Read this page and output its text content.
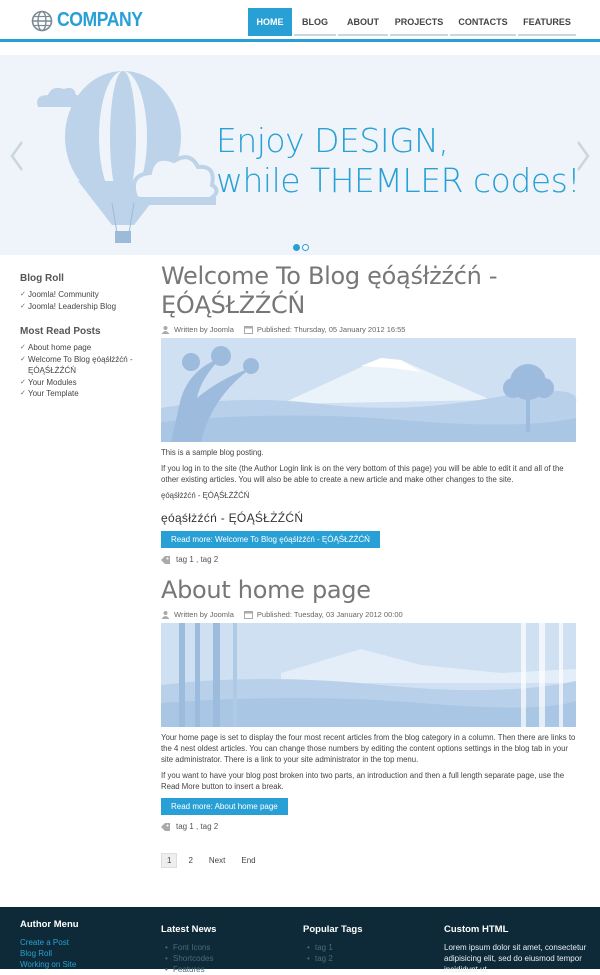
COMPANY	HOME	BLOG	ABOUT	PROJECTS	CONTACTS	FEATURES
Enjoy DESIGN,
while THEMLER codes!
Blog Roll
✓ Joomla! Community
✓ Joomla! Leadership Blog
Most Read Posts
✓ About home page
✓ Welcome To Blog ęóąśłżźćń - ĘÓĄŚŁŻŹĆŃ
✓ Your Modules
✓ Your Template
Welcome To Blog ęóąśłżźćń - ĘÓĄŚŁŻŹĆŃ
Written by Joomla	Published: Thursday, 05 January 2012 16:55

This is a sample blog posting.

If you log in to the site (the Author Login link is on the very bottom of this page) you will be able to edit it and all of the other existing articles. You will also be able to create a new article and make other changes to the site.

ęóąśłżźćń - ĘÓĄŚŁŻŹĆŃ

ęóąśłżźćń - ĘÓĄŚŁŻŹĆŃ
Read more: Welcome To Blog ęóąśłżźćń - ĘÓĄŚŁŻŹĆŃ
tag 1 , tag 2
About home page
Written by Joomla	Published: Tuesday, 03 January 2012 00:00

Your home page is set to display the four most recent articles from the blog category in a column. Then there are links to the 4 nest oldest articles. You can change those numbers by editing the content options settings in the blog tab in your site administrator. There is a link to your site administrator in the top menu.

If you want to have your blog post broken into two parts, an introduction and then a full length separate page, use the Read More button to insert a break.

Read more: About home page
tag 1 , tag 2
1	2	Next	End
Author Menu
Create a Post
Blog Roll
Working on Site
Latest News
• Font Icons
• Shortcodes
• Features
Popular Tags
• tag 1
• tag 2
Custom HTML
Lorem ipsum dolor sit amet, consectetur adipisicing elit, sed do eiusmod tempor incididunt ut
